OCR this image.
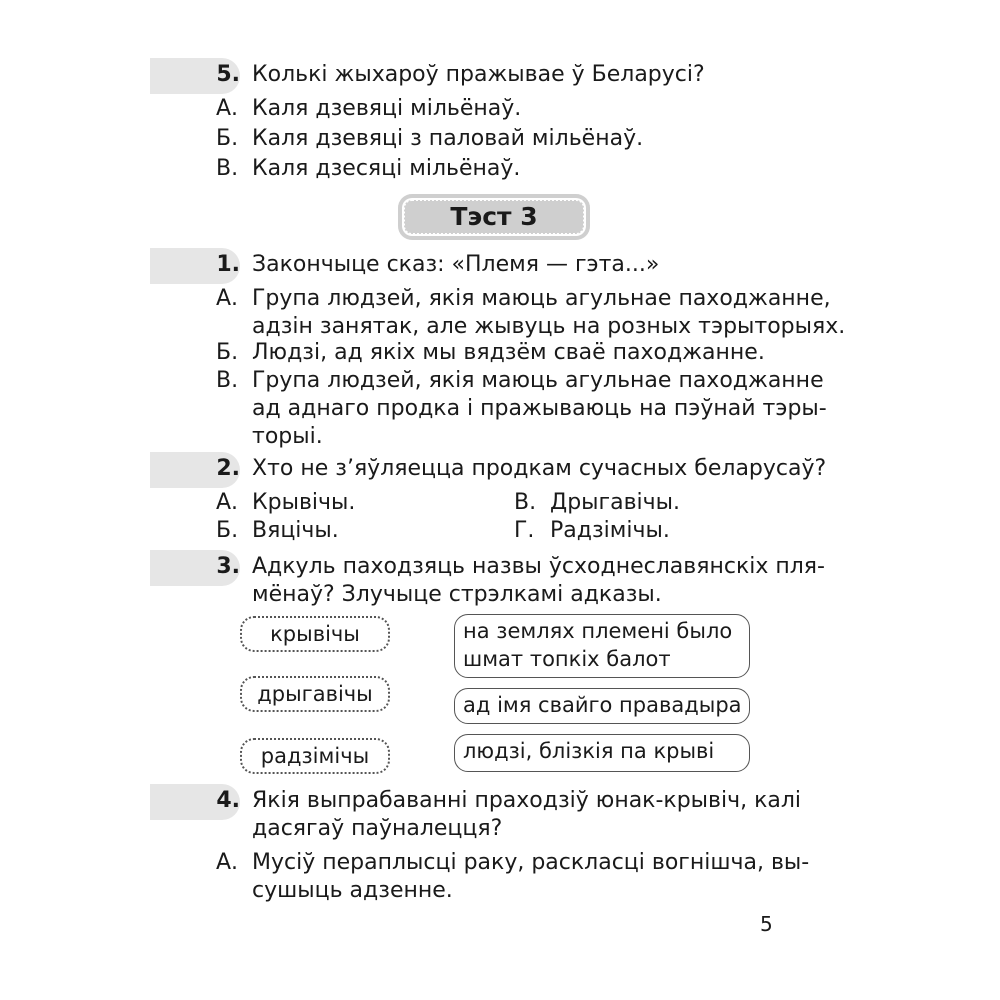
5. Колькі жыхароў пражывае ў Беларусі?
А. Каля дзевяці мільёнаў.
Б. Каля дзевяці з паловай мільёнаў.
В. Каля дзесяці мільёнаў.
Тэст 3
1. Закончыце сказ: «Племя — гэта...»
А. Група людзей, якія маюць агульнае паходжанне,
адзін занятак, але жывуць на розных тэрыторыях.
Б. Людзі, ад якіх мы вядзём сваё паходжанне.
В. Група людзей, якія маюць агульнае паходжанне
ад аднаго продка і пражываюць на пэўнай тэры-
торыі.
2. Хто не з’яўляецца продкам сучасных беларусаў?
А. Крывічы.	В. Дрыгавічы.
Б. Вяцічы.	Г. Радзімічы.
3. Адкуль паходзяць назвы ўсходнеславянскіх пля-
мёнаў? Злучыце стрэлкамі адказы.
крывічы
дрыгавічы
радзімічы
на землях племені было
шмат топкіх балот
ад імя свайго правадыра
людзі, блізкія па крыві
4. Якія выпрабаванні праходзіў юнак-крывіч, калі
дасягаў паўналецця?
А. Мусіў пераплысці раку, раскласці вогнішча, вы-
сушыць адзенне.
5
